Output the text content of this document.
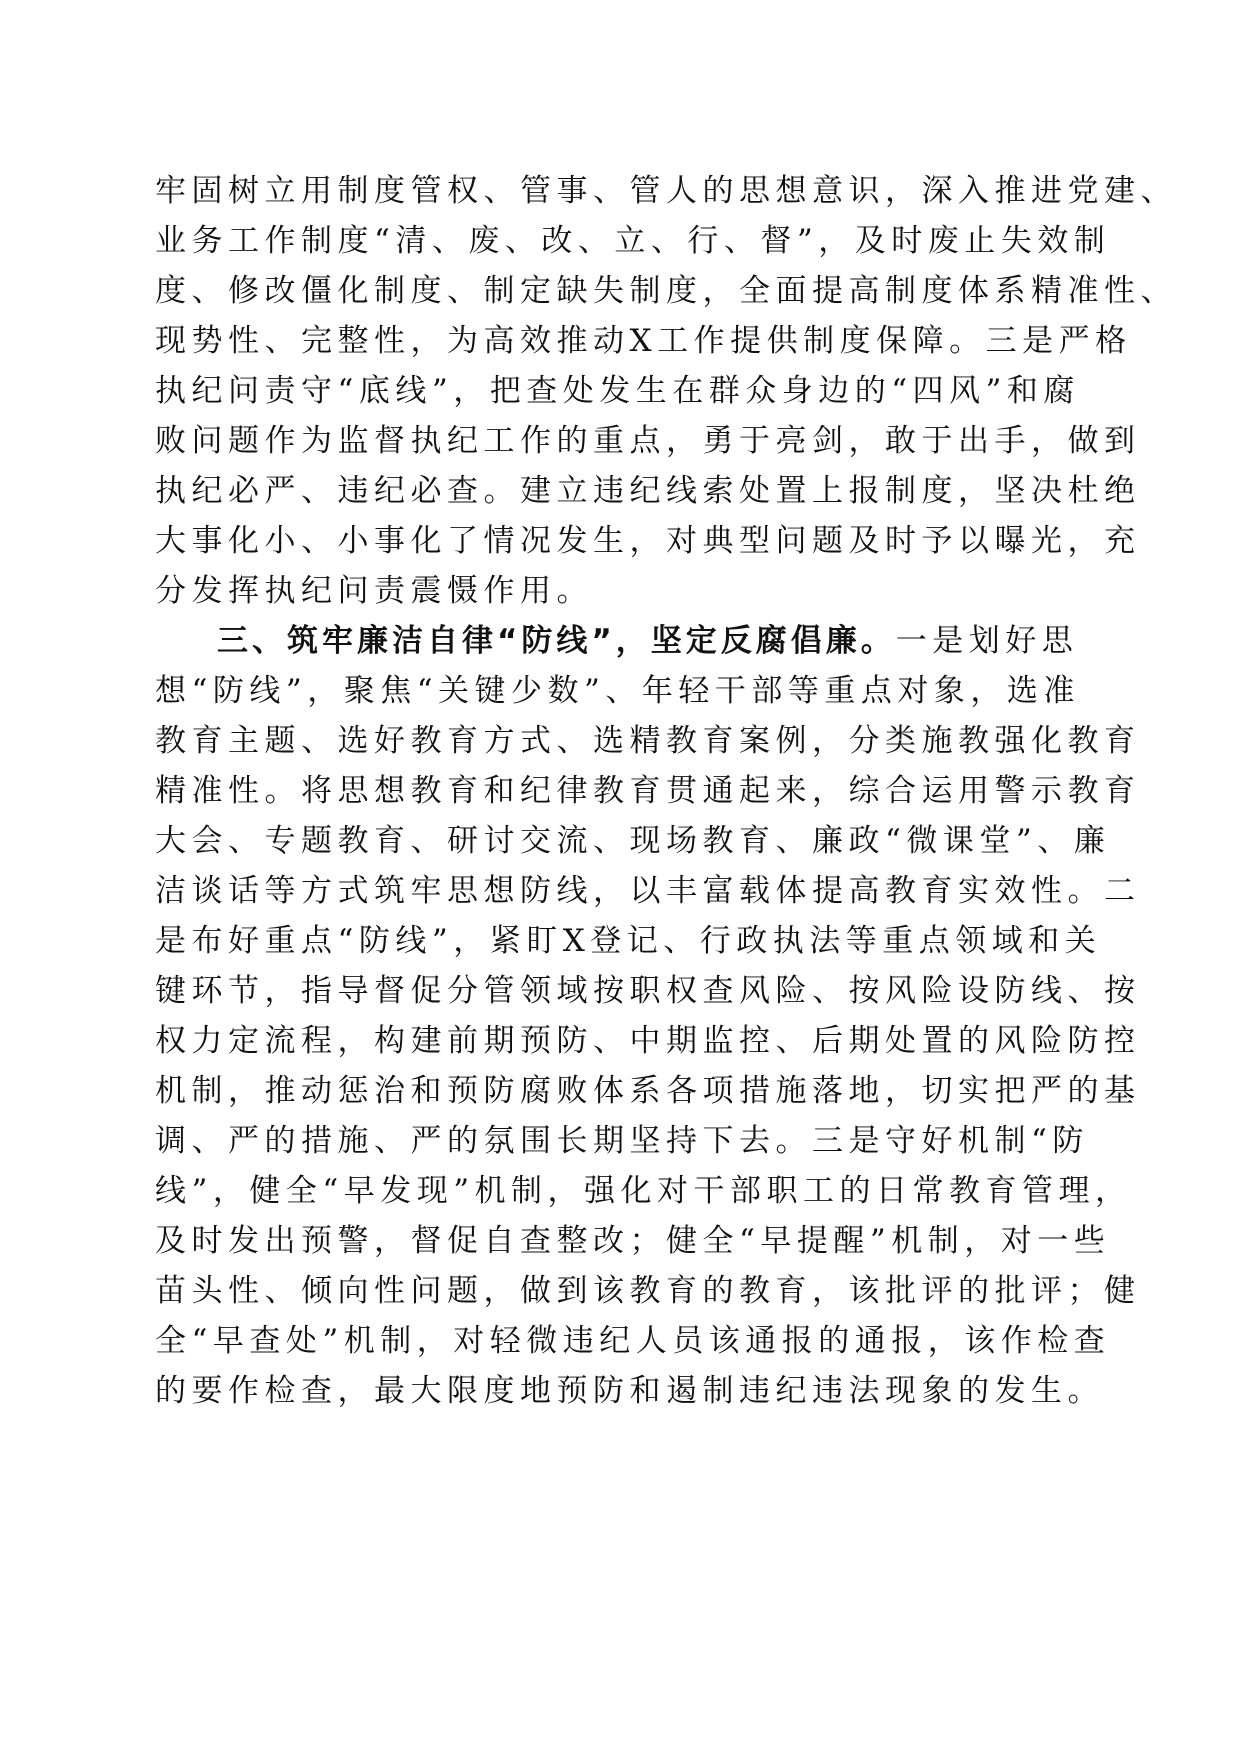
牢固树立用制度管权、管事、管人的思想意识，深入推进党建、
业务工作制度“清、废、改、立、行、督”，及时废止失效制
度、修改僵化制度、制定缺失制度，全面提高制度体系精准性、
现势性、完整性，为高效推动X工作提供制度保障。三是严格
执纪问责守“底线”，把查处发生在群众身边的“四风”和腐
败问题作为监督执纪工作的重点，勇于亮剑，敢于出手，做到
执纪必严、违纪必查。建立违纪线索处置上报制度，坚决杜绝
大事化小、小事化了情况发生，对典型问题及时予以曝光，充
分发挥执纪问责震慑作用。
三、筑牢廉洁自律“防线”，坚定反腐倡廉。一是划好思
想“防线”，聚焦“关键少数”、年轻干部等重点对象，选准
教育主题、选好教育方式、选精教育案例，分类施教强化教育
精准性。将思想教育和纪律教育贯通起来，综合运用警示教育
大会、专题教育、研讨交流、现场教育、廉政“微课堂”、廉
洁谈话等方式筑牢思想防线，以丰富载体提高教育实效性。二
是布好重点“防线”，紧盯X登记、行政执法等重点领域和关
键环节，指导督促分管领域按职权查风险、按风险设防线、按
权力定流程，构建前期预防、中期监控、后期处置的风险防控
机制，推动惩治和预防腐败体系各项措施落地，切实把严的基
调、严的措施、严的氛围长期坚持下去。三是守好机制“防
线”，健全“早发现”机制，强化对干部职工的日常教育管理，
及时发出预警，督促自查整改；健全“早提醒”机制，对一些
苗头性、倾向性问题，做到该教育的教育，该批评的批评；健
全“早查处”机制，对轻微违纪人员该通报的通报，该作检查
的要作检查，最大限度地预防和遏制违纪违法现象的发生。
